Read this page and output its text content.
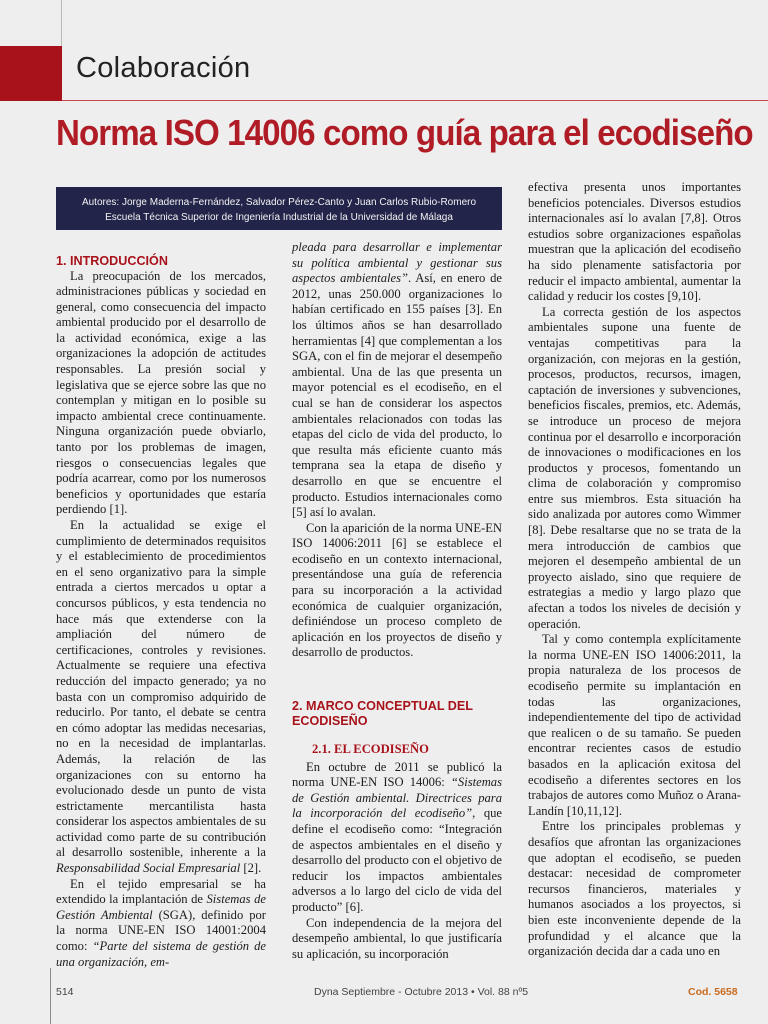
Colaboración
Norma ISO 14006 como guía para el ecodiseño
Autores: Jorge Maderna-Fernández, Salvador Pérez-Canto y Juan Carlos Rubio-Romero
Escuela Técnica Superior de Ingeniería Industrial de la Universidad de Málaga
1. INTRODUCCIÓN

La preocupación de los mercados, administraciones públicas y sociedad en general, como consecuencia del impacto ambiental producido por el desarrollo de la actividad económica, exige a las organizaciones la adopción de actitudes responsables. La presión social y legislativa que se ejerce sobre las que no contemplan y mitigan en lo posible su impacto ambiental crece continuamente. Ninguna organización puede obviarlo, tanto por los problemas de imagen, riesgos o consecuencias legales que podría acarrear, como por los numerosos beneficios y oportunidades que estaría perdiendo [1].

En la actualidad se exige el cumplimiento de determinados requisitos y el establecimiento de procedimientos en el seno organizativo para la simple entrada a ciertos mercados u optar a concursos públicos, y esta tendencia no hace más que extenderse con la ampliación del número de certificaciones, controles y revisiones. Actualmente se requiere una efectiva reducción del impacto generado; ya no basta con un compromiso adquirido de reducirlo. Por tanto, el debate se centra en cómo adoptar las medidas necesarias, no en la necesidad de implantarlas. Además, la relación de las organizaciones con su entorno ha evolucionado desde un punto de vista estrictamente mercantilista hasta considerar los aspectos ambientales de su actividad como parte de su contribución al desarrollo sostenible, inherente a la Responsabilidad Social Empresarial [2].

En el tejido empresarial se ha extendido la implantación de Sistemas de Gestión Ambiental (SGA), definido por la norma UNE-EN ISO 14001:2004 como: “Parte del sistema de gestión de una organización, em-

pleada para desarrollar e implementar su política ambiental y gestionar sus aspectos ambientales”. Así, en enero de 2012, unas 250.000 organizaciones lo habían certificado en 155 países [3]. En los últimos años se han desarrollado herramientas [4] que complementan a los SGA, con el fin de mejorar el desempeño ambiental. Una de las que presenta un mayor potencial es el ecodiseño, en el cual se han de considerar los aspectos ambientales relacionados con todas las etapas del ciclo de vida del producto, lo que resulta más eficiente cuanto más temprana sea la etapa de diseño y desarrollo en que se encuentre el producto. Estudios internacionales como [5] así lo avalan.

Con la aparición de la norma UNE-EN ISO 14006:2011 [6] se establece el ecodiseño en un contexto internacional, presentándose una guía de referencia para su incorporación a la actividad económica de cualquier organización, definiéndose un proceso completo de aplicación en los proyectos de diseño y desarrollo de productos.

2. MARCO CONCEPTUAL DEL ECODISEÑO
2.1. EL ECODISEÑO

En octubre de 2011 se publicó la norma UNE-EN ISO 14006: “Sistemas de Gestión ambiental. Directrices para la incorporación del ecodiseño”, que define el ecodiseño como: “Integración de aspectos ambientales en el diseño y desarrollo del producto con el objetivo de reducir los impactos ambientales adversos a lo largo del ciclo de vida del producto” [6].

Con independencia de la mejora del desempeño ambiental, lo que justificaría su aplicación, su incorporación

efectiva presenta unos importantes beneficios potenciales. Diversos estudios internacionales así lo avalan [7,8]. Otros estudios sobre organizaciones españolas muestran que la aplicación del ecodiseño ha sido plenamente satisfactoria por reducir el impacto ambiental, aumentar la calidad y reducir los costes [9,10].

La correcta gestión de los aspectos ambientales supone una fuente de ventajas competitivas para la organización, con mejoras en la gestión, procesos, productos, recursos, imagen, captación de inversiones y subvenciones, beneficios fiscales, premios, etc. Además, se introduce un proceso de mejora continua por el desarrollo e incorporación de innovaciones o modificaciones en los productos y procesos, fomentando un clima de colaboración y compromiso entre sus miembros. Esta situación ha sido analizada por autores como Wimmer [8]. Debe resaltarse que no se trata de la mera introducción de cambios que mejoren el desempeño ambiental de un proyecto aislado, sino que requiere de estrategias a medio y largo plazo que afectan a todos los niveles de decisión y operación.

Tal y como contempla explícitamente la norma UNE-EN ISO 14006:2011, la propia naturaleza de los procesos de ecodiseño permite su implantación en todas las organizaciones, independientemente del tipo de actividad que realicen o de su tamaño. Se pueden encontrar recientes casos de estudio basados en la aplicación exitosa del ecodiseño a diferentes sectores en los trabajos de autores como Muñoz o Arana-Landín [10,11,12].

Entre los principales problemas y desafíos que afrontan las organizaciones que adoptan el ecodiseño, se pueden destacar: necesidad de comprometer recursos financieros, materiales y humanos asociados a los proyectos, si bien este inconveniente depende de la profundidad y el alcance que la organización decida dar a cada uno en

514	Dyna Septiembre - Octubre 2013 • Vol. 88 nº5	Cod. 5658
